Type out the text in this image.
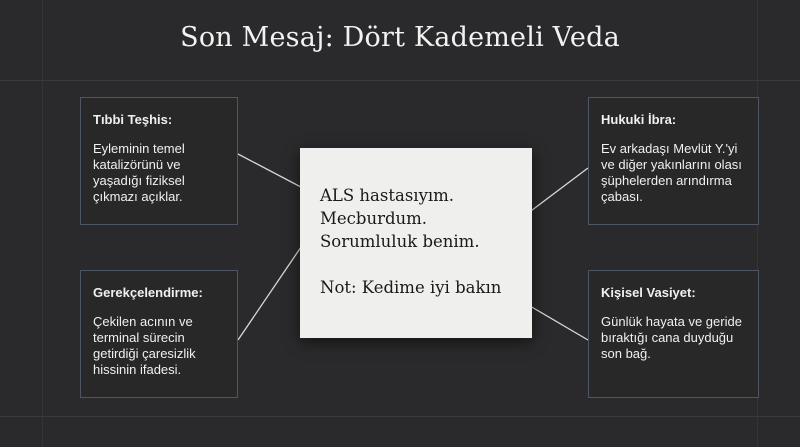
Son Mesaj: Dört Kademeli Veda
Tıbbi Teşhis:
Eyleminin temel katalizörünü ve yaşadığı fiziksel çıkmazı açıklar.
Gerekçelendirme:
Çekilen acının ve terminal sürecin getirdiği çaresizlik hissinin ifadesi.
Hukuki İbra:
Ev arkadaşı Mevlüt Y.'yi ve diğer yakınlarını olası şüphelerden arındırma çabası.
Kişisel Vasiyet:
Günlük hayata ve geride bıraktığı cana duyduğu son bağ.
ALS hastasıyım.
Mecburdum.
Sorumluluk benim.
Not: Kedime iyi bakın
